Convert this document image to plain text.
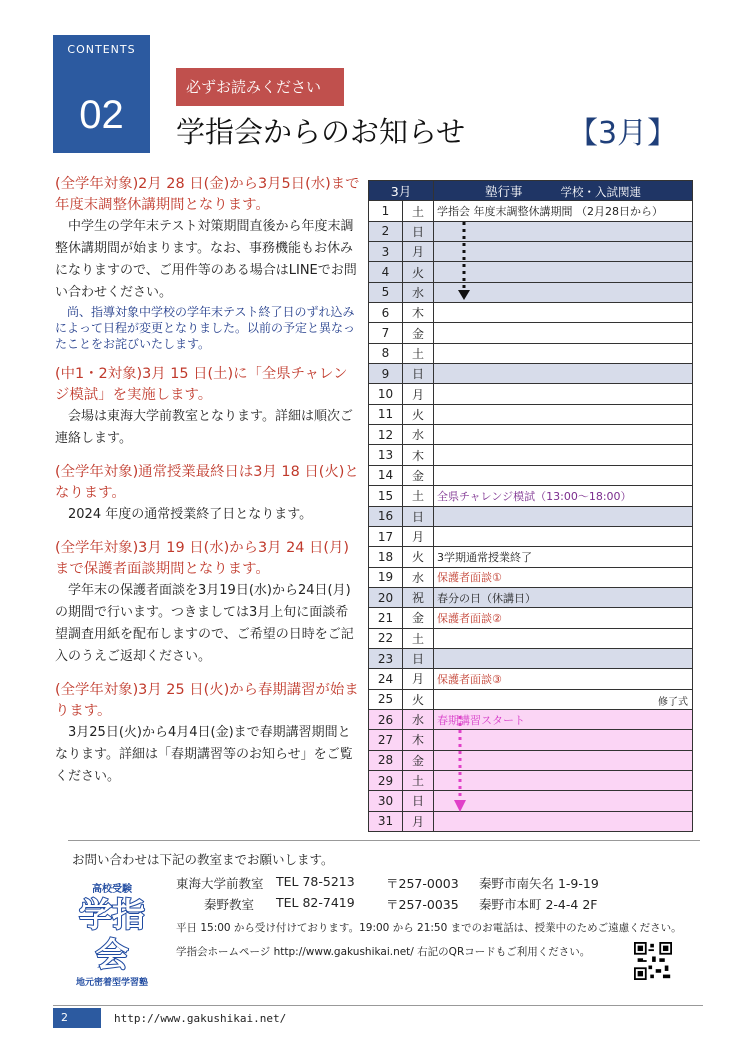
CONTENTS
02
必ずお読みください
学指会からのお知らせ	【3月】
(全学年対象)2月 28 日(金)から3月5日(水)まで年度末調整休講期間となります。
中学生の学年末テスト対策期間直後から年度末調整休講期間が始まります。なお、事務機能もお休みになりますので、ご用件等のある場合はLINEでお問い合わせください。
尚、指導対象中学校の学年末テスト終了日のずれ込みによって日程が変更となりました。以前の予定と異なったことをお詫びいたします。
(中1・2対象)3月 15 日(土)に「全県チャレンジ模試」を実施します。
会場は東海大学前教室となります。詳細は順次ご連絡します。
(全学年対象)通常授業最終日は3月 18 日(火)となります。
2024 年度の通常授業終了日となります。
(全学年対象)3月 19 日(水)から3月 24 日(月)まで保護者面談期間となります。
学年末の保護者面談を3月19日(水)から24日(月)の期間で行います。つきましては3月上旬に面談希望調査用紙を配布しますので、ご希望の日時をご記入のうえご返却ください。
(全学年対象)3月 25 日(火)から春期講習が始まります。
3月25日(火)から4月4日(金)まで春期講習期間となります。詳細は「春期講習等のお知らせ」をご覧ください。
3月		塾行事 学校・入試関連
1	土	学指会 年度末調整休講期間 （2月28日から）
2	日	
3	月	
4	火	
5	水	
6	木	
7	金	
8	土	
9	日	
10	月	
11	火	
12	水	
13	木	
14	金	
15	土	全県チャレンジ模試（13:00～18:00）
16	日	
17	月	
18	火	3学期通常授業終了
19	水	保護者面談①
20	祝	春分の日（休講日）
21	金	保護者面談②
22	土	
23	日	
24	月	保護者面談③
25	火	修了式

26	水	春期講習スタート
27	木	
28	金	
29	土	
30	日	
31	月	
お問い合わせは下記の教室までお願いします。
高校受験
学指会
地元密着型学習塾
東海大学前教室 TEL 78-5213	〒257-0003 秦野市南矢名 1-9-19
秦野教室 TEL 82-7419	〒257-0035 秦野市本町 2-4-4 2F
平日 15:00 から受け付けております。19:00 から 21:50 までのお電話は、授業中のためご遠慮ください。
学指会ホームページ http://www.gakushikai.net/ 右記のQRコードもご利用ください。
2	http://www.gakushikai.net/
